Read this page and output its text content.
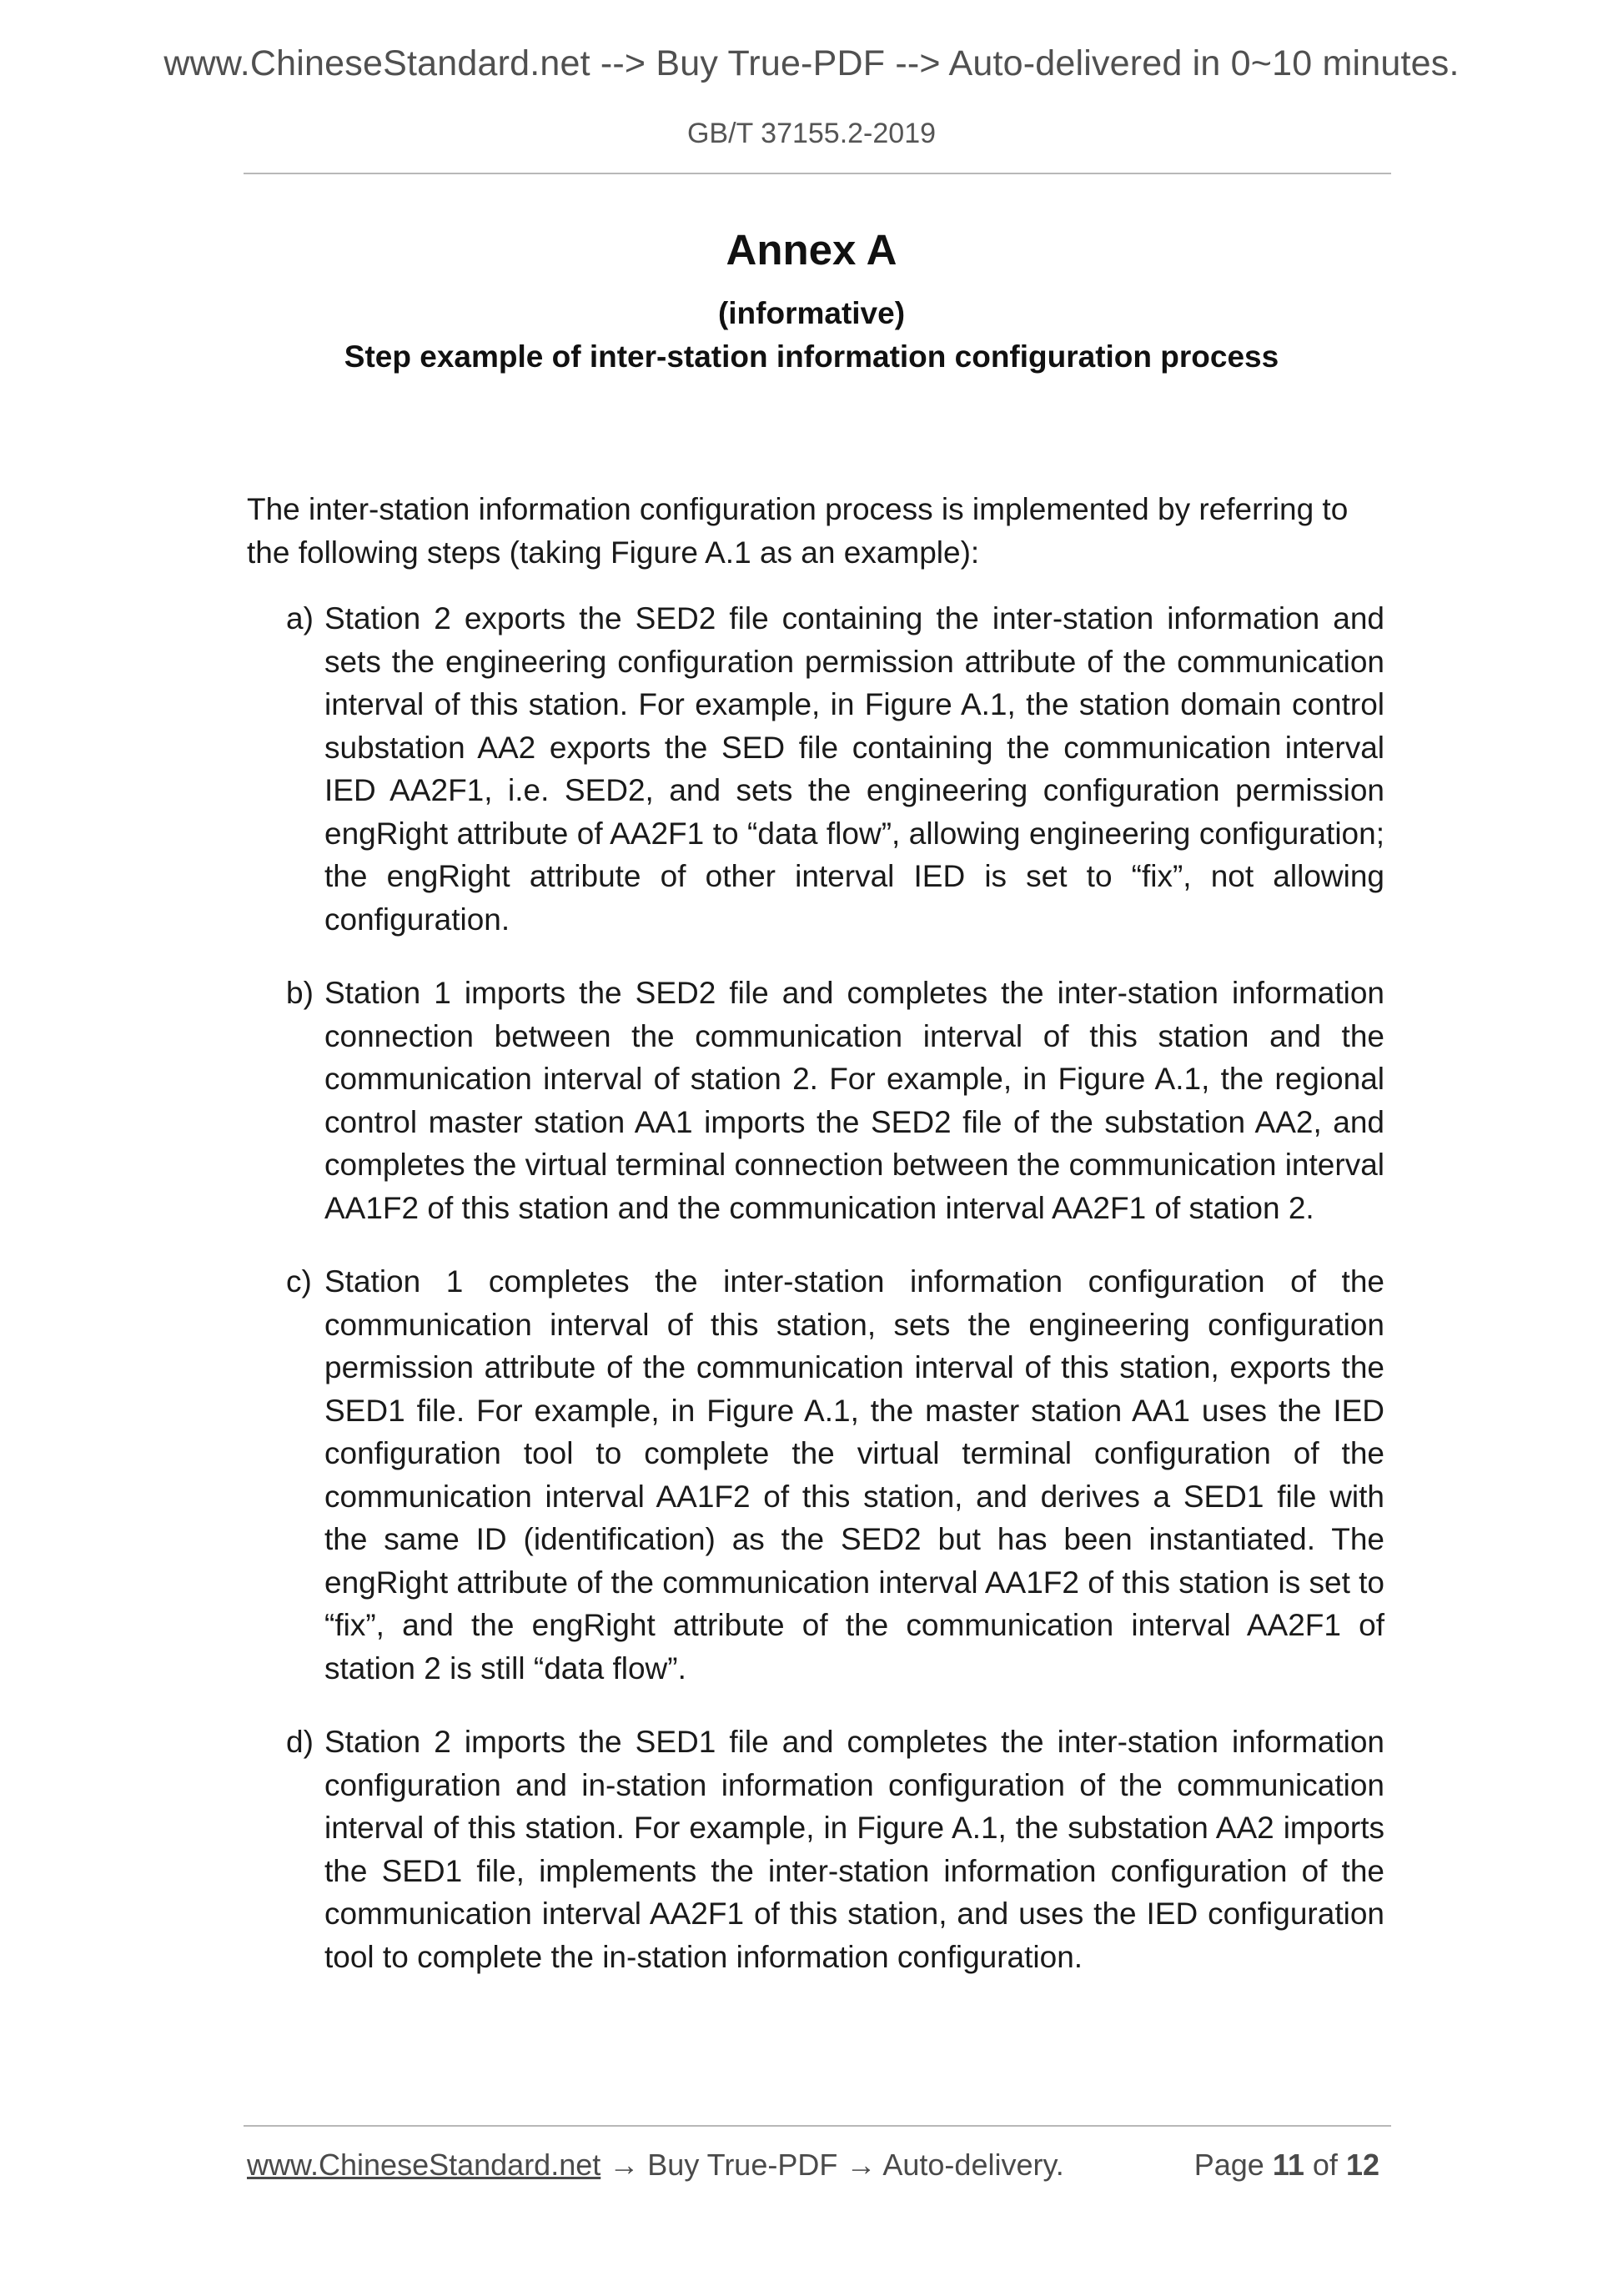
www.ChineseStandard.net --> Buy True-PDF --> Auto-delivered in 0~10 minutes.
GB/T 37155.2-2019
Annex A
(informative)
Step example of inter-station information configuration process

The inter-station information configuration process is implemented by referring to the following steps (taking Figure A.1 as an example):

a) Station 2 exports the SED2 file containing the inter-station information and sets the engineering configuration permission attribute of the communication interval of this station. For example, in Figure A.1, the station domain control substation AA2 exports the SED file containing the communication interval IED AA2F1, i.e. SED2, and sets the engineering configuration permission engRight attribute of AA2F1 to “data flow”, allowing engineering configuration; the engRight attribute of other interval IED is set to “fix”, not allowing configuration.
b) Station 1 imports the SED2 file and completes the inter-station information connection between the communication interval of this station and the communication interval of station 2. For example, in Figure A.1, the regional control master station AA1 imports the SED2 file of the substation AA2, and completes the virtual terminal connection between the communication interval AA1F2 of this station and the communication interval AA2F1 of station 2.
c) Station 1 completes the inter-station information configuration of the communication interval of this station, sets the engineering configuration permission attribute of the communication interval of this station, exports the SED1 file. For example, in Figure A.1, the master station AA1 uses the IED configuration tool to complete the virtual terminal configuration of the communication interval AA1F2 of this station, and derives a SED1 file with the same ID (identification) as the SED2 but has been instantiated. The engRight attribute of the communication interval AA1F2 of this station is set to “fix”, and the engRight attribute of the communication interval AA2F1 of station 2 is still “data flow”.
d) Station 2 imports the SED1 file and completes the inter-station information configuration and in-station information configuration of the communication interval of this station. For example, in Figure A.1, the substation AA2 imports the SED1 file, implements the inter-station information configuration of the communication interval AA2F1 of this station, and uses the IED configuration tool to complete the in-station information configuration.
www.ChineseStandard.net → Buy True-PDF → Auto-delivery.	Page 11 of 12
